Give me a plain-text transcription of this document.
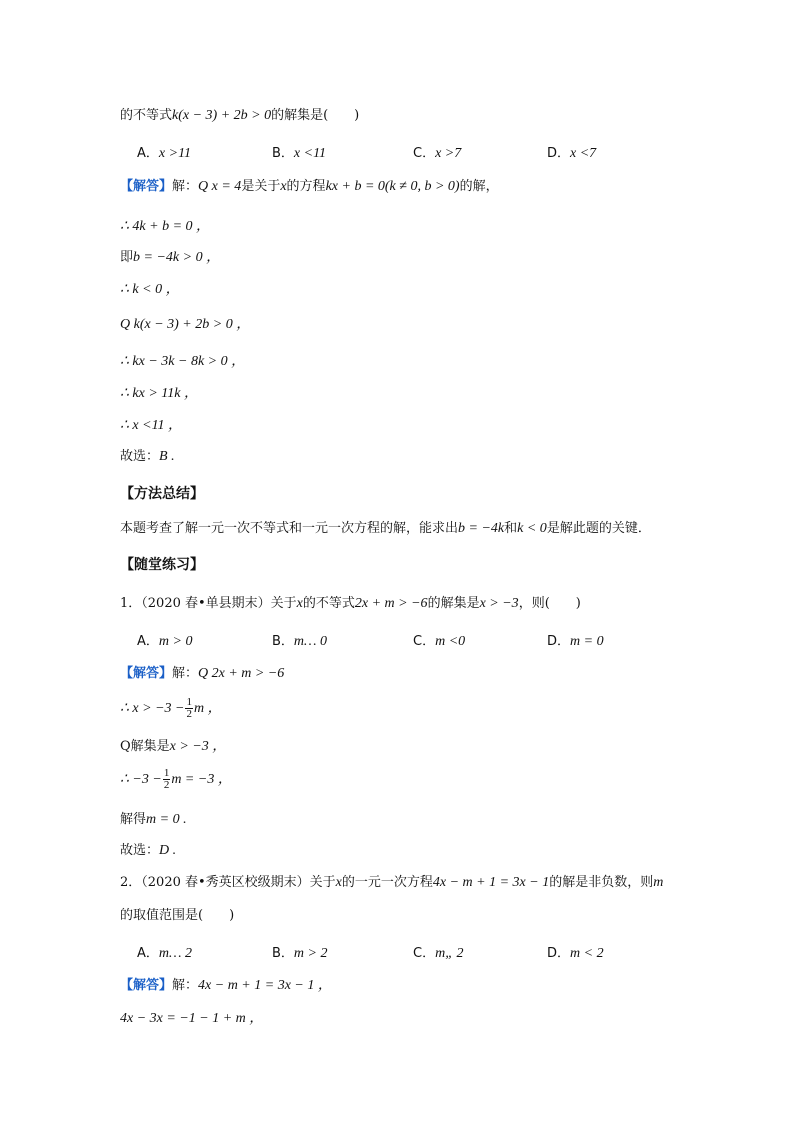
的不等式k(x − 3) + 2b > 0的解集是(　　)
A．x >11	B．x <11	C．x >7	D．x <7
【解答】解：Q x = 4是关于x的方程kx + b = 0(k ≠ 0, b > 0)的解，
∴ 4k + b = 0 ，
即b = −4k > 0 ，
∴ k < 0 ，
Q k(x − 3) + 2b > 0 ，
∴ kx − 3k − 8k > 0 ，
∴ kx > 11k ，
∴ x <11 ，
故选：B .
【方法总结】
本题考查了解一元一次不等式和一元一次方程的解，能求出b = −4k和k < 0是解此题的关键．
【随堂练习】
1．（2020 春•单县期末）关于x的不等式2x + m > −6的解集是x > −3，则(　　)
A．m > 0	B．m… 0	C．m <0	D．m = 0
【解答】解：Q 2x + m > −6
∴ $x > -3 - \frac{1}{2}$ m ，
Q解集是x > −3 ，
∴ $-3 - \frac{1}{2}$ m = −3 ，
解得m = 0 .
故选：D .
2．（2020 春•秀英区校级期末）关于x的一元一次方程4x − m + 1 = 3x − 1的解是非负数，则m
的取值范围是(　　)
A．m… 2	B．m > 2	C．m„ 2	D．m < 2
【解答】解：4x − m + 1 = 3x − 1 ，
4x − 3x = −1 − 1 + m ，
